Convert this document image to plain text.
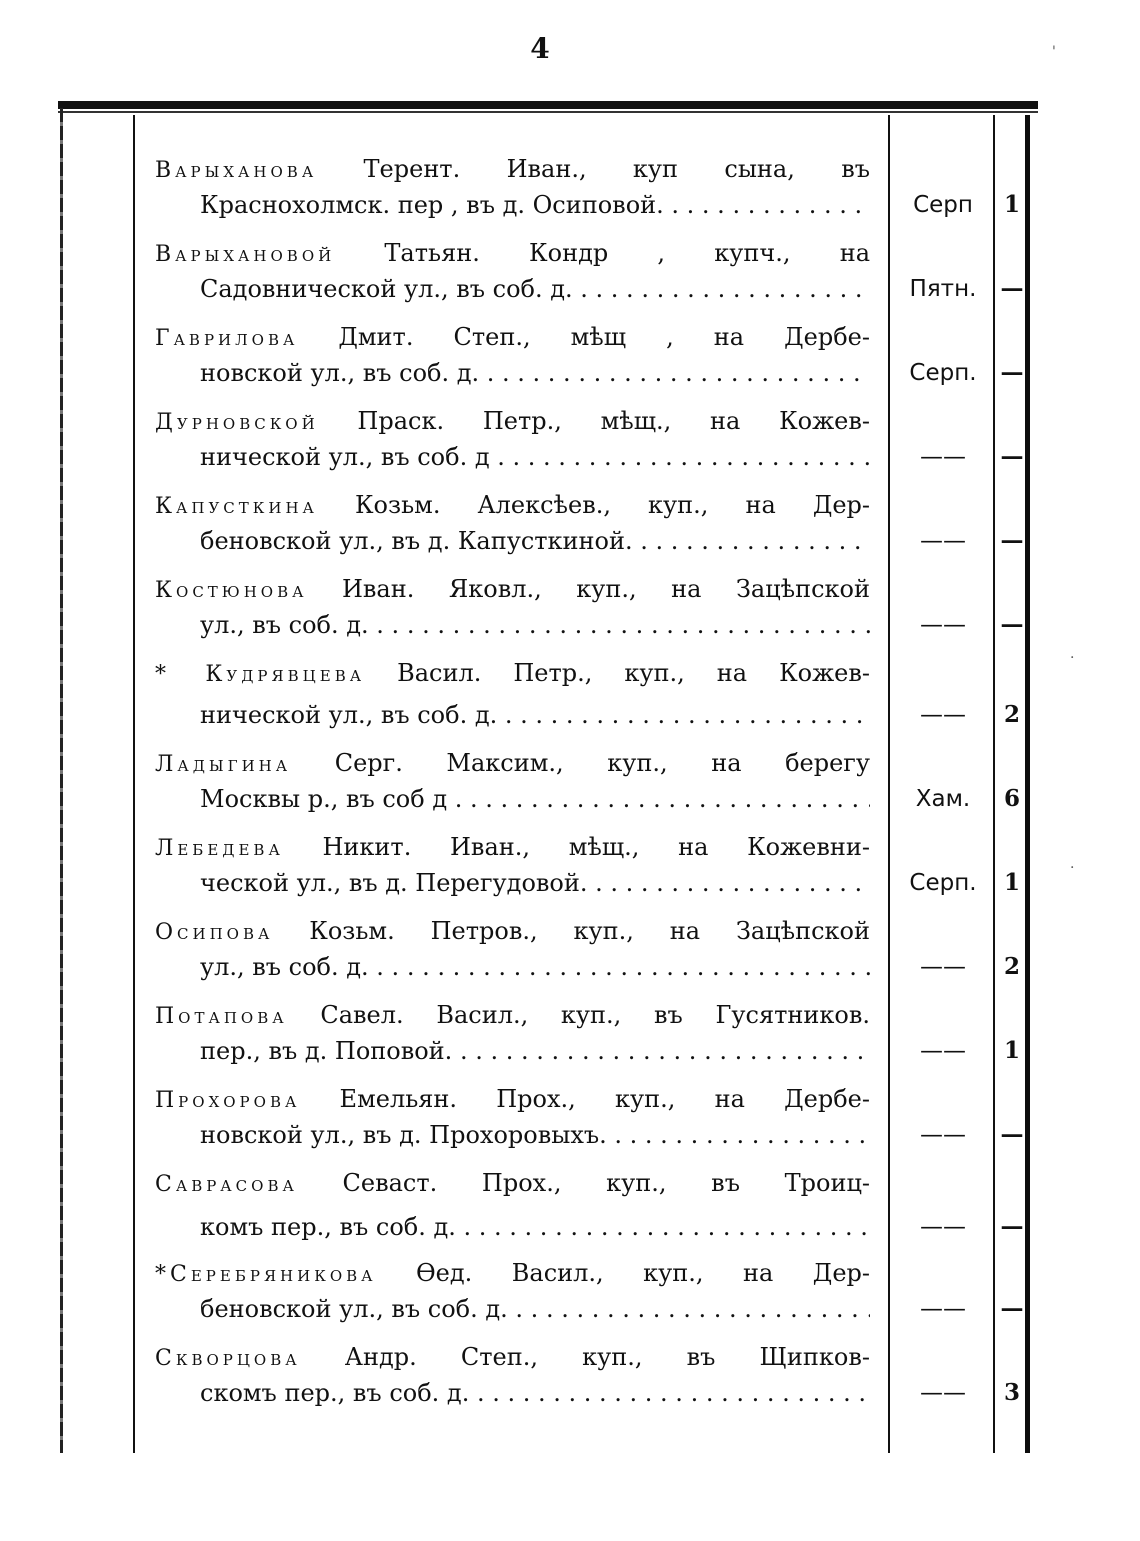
4	'
·
·
Варыханова Терент. Иван., куп сына, въ
Краснохолмск. пер , въ д. Осиповой. . . .	Серп	1
Варыхановой Татьян. Кондр , купч., на
Садовнической ул., въ соб. д. . . .	Пятн.	—
Гаврилова Дмит. Степ., мѣщ , на Дербе-
новской ул., въ соб. д. . . .	Серп.	—
Дурновской Праск. Петр., мѣщ., на Кожев-
нической ул., въ соб. д . . .	——	—
Капусткина Козьм. Алексѣев., куп., на Дер-
беновской ул., въ д. Капусткиной. . . .	——	—
Костюнова Иван. Яковл., куп., на Зацѣпской
ул., въ соб. д. . . .	——	—
* Кудрявцева Васил. Петр., куп., на Кожев-
нической ул., въ соб. д. . . .	——	2
Ладыгина Серг. Максим., куп., на берегу
Москвы р., въ соб д . . . .	Хам.	6
Лебедева Никит. Иван., мѣщ., на Кожевни-
ческой ул., въ д. Перегудовой. . . .	Серп.	1
Осипова Козьм. Петров., куп., на Зацѣпской
ул., въ соб. д. . . .	——	2
Потапова Савел. Васил., куп., въ Гусятников.
пер., въ д. Поповой. . . .	——	1
Прохорова Емельян. Прох., куп., на Дербе-
новской ул., въ д. Прохоровыхъ. . . .	——	—
Саврасова Севаст. Прох., куп., въ Троиц-
комъ пер., въ соб. д. . . .	——	—
*Серебряникова Ѳед. Васил., куп., на Дер-
беновской ул., въ соб. д. . . .	——	—
Скворцова Андр. Степ., куп., въ Щипков-
скомъ пер., въ соб. д. . . .	——	3
